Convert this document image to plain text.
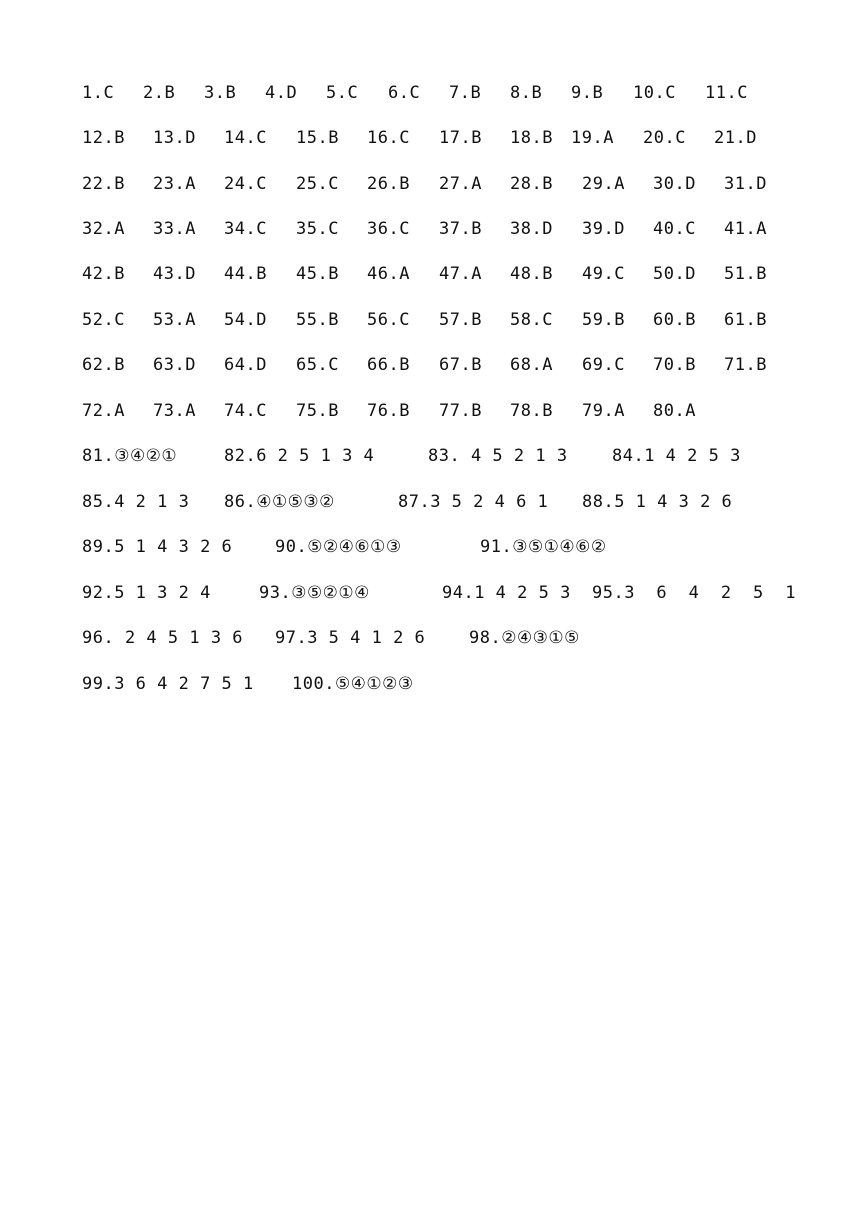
1.C 2.B 3.B 4.D 5.C 6.C 7.B 8.B 9.B 10.C 11.C
12.B 13.D 14.C 15.B 16.C 17.B 18.B 19.A 20.C 21.D
22.B 23.A 24.C 25.C 26.B 27.A 28.B 29.A 30.D 31.D
32.A 33.A 34.C 35.C 36.C 37.B 38.D 39.D 40.C 41.A
42.B 43.D 44.B 45.B 46.A 47.A 48.B 49.C 50.D 51.B
52.C 53.A 54.D 55.B 56.C 57.B 58.C 59.B 60.B 61.B
62.B 63.D 64.D 65.C 66.B 67.B 68.A 69.C 70.B 71.B
72.A 73.A 74.C 75.B 76.B 77.B 78.B 79.A 80.A
81.③④②①	82.6 2 5 1 3 4	83. 4 5 2 1 3	84.1 4 2 5 3
85.4 2 1 3 86.④①⑤③②	87.3 5 2 4 6 1 88.5 1 4 3 2 6
89.5 1 4 3 2 6	90.⑤②④⑥①③	91.③⑤①④⑥②
92.5 1 3 2 4	93.③⑤②①④	94.1 4 2 5 3 95.3  6  4  2  5  1
96. 2 4 5 1 3 6 97.3 5 4 1 2 6	98.②④③①⑤
99.3 6 4 2 7 5 1 100.⑤④①②③
